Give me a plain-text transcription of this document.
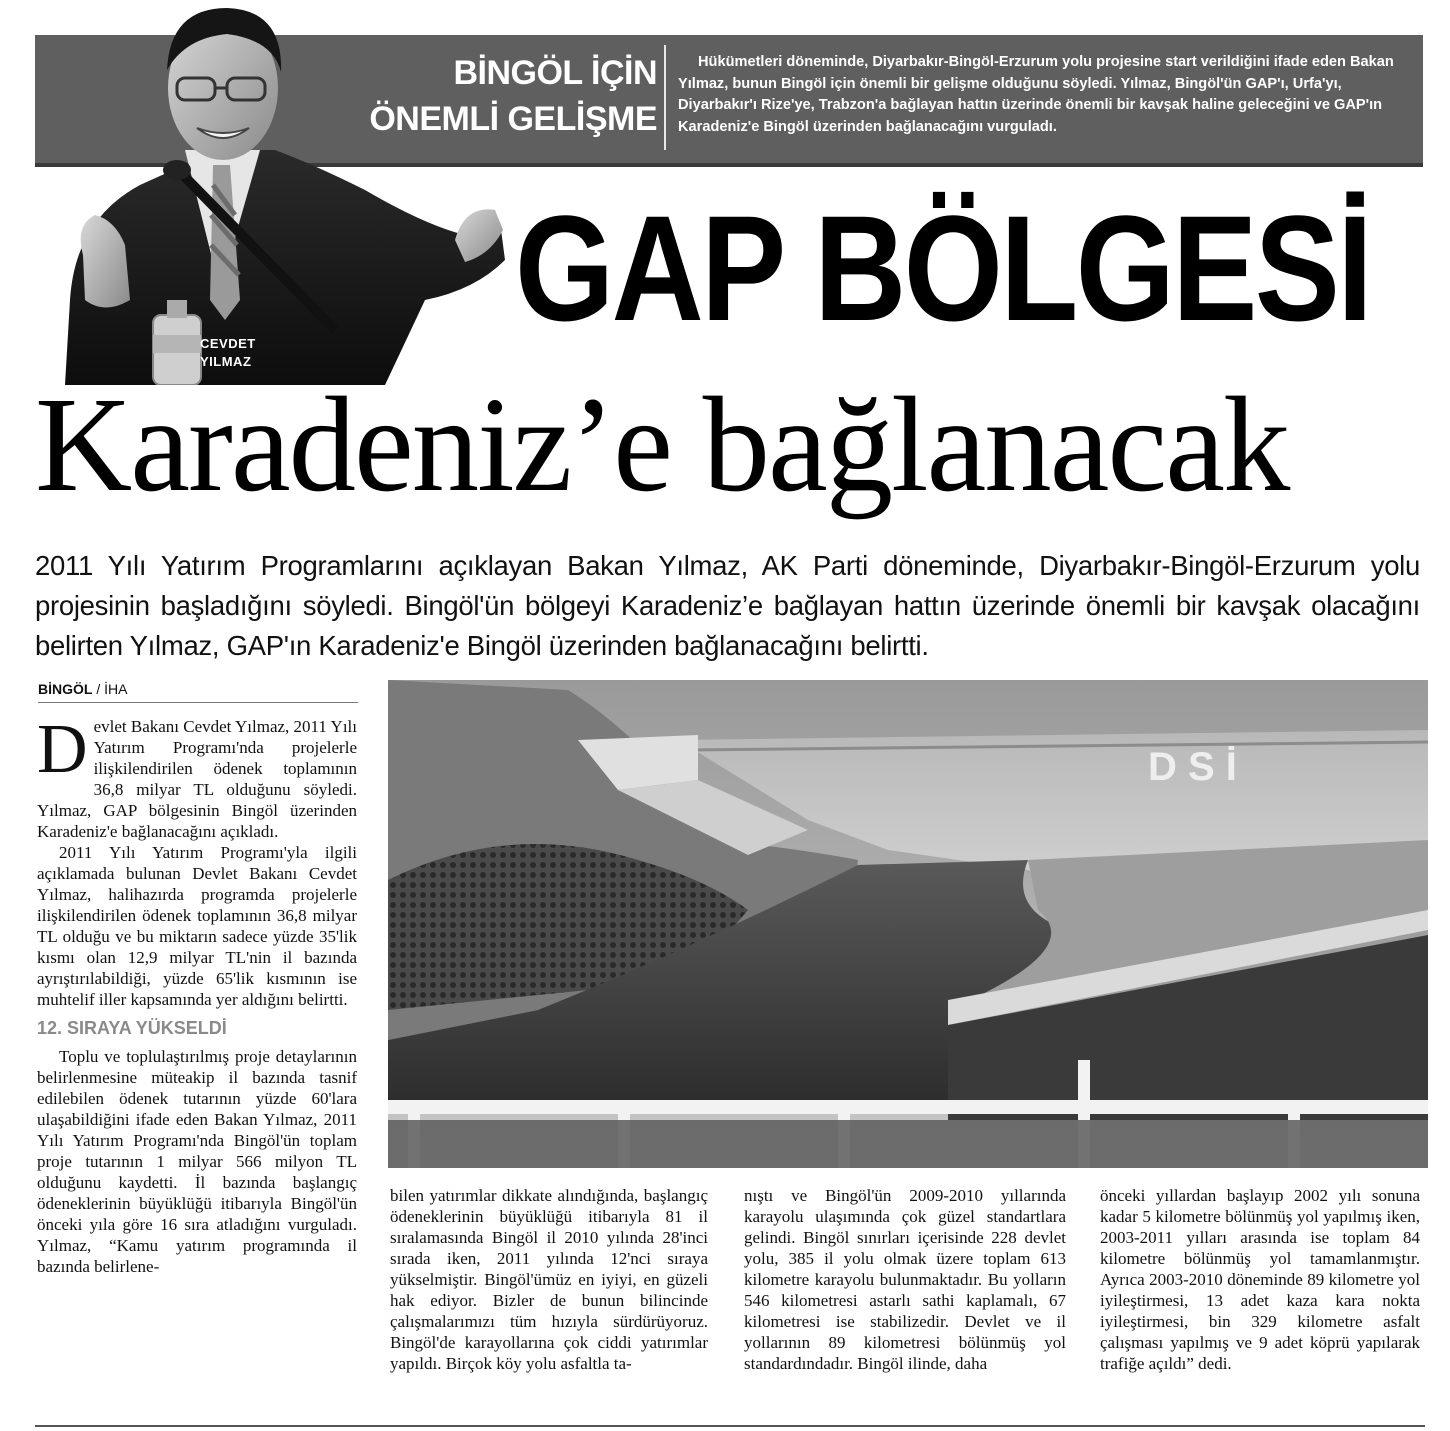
BİNGÖL İÇİN
ÖNEMLİ GELİŞME
Hükümetleri döneminde, Diyarbakır-Bingöl-Erzurum yolu projesine start verildiğini ifade eden Bakan Yılmaz, bunun Bingöl için önemli bir gelişme olduğunu söyledi. Yılmaz, Bingöl'ün GAP'ı, Urfa'yı, Diyarbakır'ı Rize'ye, Trabzon'a bağlayan hattın üzerinde önemli bir kavşak haline geleceğini ve GAP'ın Karadeniz'e Bingöl üzerinden bağlanacağını vurguladı.
CEVDET
YILMAZ
GAP BÖLGESİ
Karadeniz’e bağlanacak
2011 Yılı Yatırım Programlarını açıklayan Bakan Yılmaz, AK Parti döneminde, Diyarbakır-Bingöl-Erzurum yolu projesinin başladığını söyledi. Bingöl'ün bölgeyi Karadeniz’e bağlayan hattın üzerinde önemli bir kavşak olacağını belirten Yılmaz, GAP'ın Karadeniz'e Bingöl üzerinden bağlanacağını belirtti.
BİNGÖL / İHA
D evlet Bakanı Cevdet Yılmaz, 2011 Yılı Yatırım Programı'nda projelerle ilişkilendirilen ödenek toplamının 36,8 milyar TL olduğunu söyledi. Yılmaz, GAP bölgesinin Bingöl üzerinden Karadeniz'e bağlanacağını açıkladı.

2011 Yılı Yatırım Programı'yla ilgili açıklamada bulunan Devlet Bakanı Cevdet Yılmaz, halihazırda programda projelerle ilişkilendirilen ödenek toplamının 36,8 milyar TL olduğu ve bu miktarın sadece yüzde 35'lik kısmı olan 12,9 milyar TL'nin il bazında ayrıştırılabildiği, yüzde 65'lik kısmının ise muhtelif iller kapsamında yer aldığını belirtti.

12. SIRAYA YÜKSELDİ

Toplu ve toplulaştırılmış proje detaylarının belirlenmesine müteakip il bazında tasnif edilebilen ödenek tutarının yüzde 60'lara ulaşabildiğini ifade eden Bakan Yılmaz, 2011 Yılı Yatırım Programı'nda Bingöl'ün toplam proje tutarının 1 milyar 566 milyon TL olduğunu kaydetti. İl bazında başlangıç ödeneklerinin büyüklüğü itibarıyla Bingöl'ün önceki yıla göre 16 sıra atladığını vurguladı. Yılmaz, “Kamu yatırım programında il bazında belirlene-

D S İ

bilen yatırımlar dikkate alındığında, başlangıç ödeneklerinin büyüklüğü itibarıyla 81 il sıralamasında Bingöl il 2010 yılında 28'inci sırada iken, 2011 yılında 12'nci sıraya yükselmiştir. Bingöl'ümüz en iyiyi, en güzeli hak ediyor. Bizler de bunun bilincinde çalışmalarımızı tüm hızıyla sürdürüyoruz. Bingöl'de karayollarına çok ciddi yatırımlar yapıldı. Birçok köy yolu asfaltla ta-

nıştı ve Bingöl'ün 2009-2010 yıllarında karayolu ulaşımında çok güzel standartlara gelindi. Bingöl sınırları içerisinde 228 devlet yolu, 385 il yolu olmak üzere toplam 613 kilometre karayolu bulunmaktadır. Bu yolların 546 kilometresi astarlı sathi kaplamalı, 67 kilometresi ise stabilizedir. Devlet ve il yollarının 89 kilometresi bölünmüş yol standardındadır. Bingöl ilinde, daha

önceki yıllardan başlayıp 2002 yılı sonuna kadar 5 kilometre bölünmüş yol yapılmış iken, 2003-2011 yılları arasında ise toplam 84 kilometre bölünmüş yol tamamlanmıştır. Ayrıca 2003-2010 döneminde 89 kilometre yol iyileştirmesi, 13 adet kaza kara nokta iyileştirmesi, bin 329 kilometre asfalt çalışması yapılmış ve 9 adet köprü yapılarak trafiğe açıldı” dedi.
